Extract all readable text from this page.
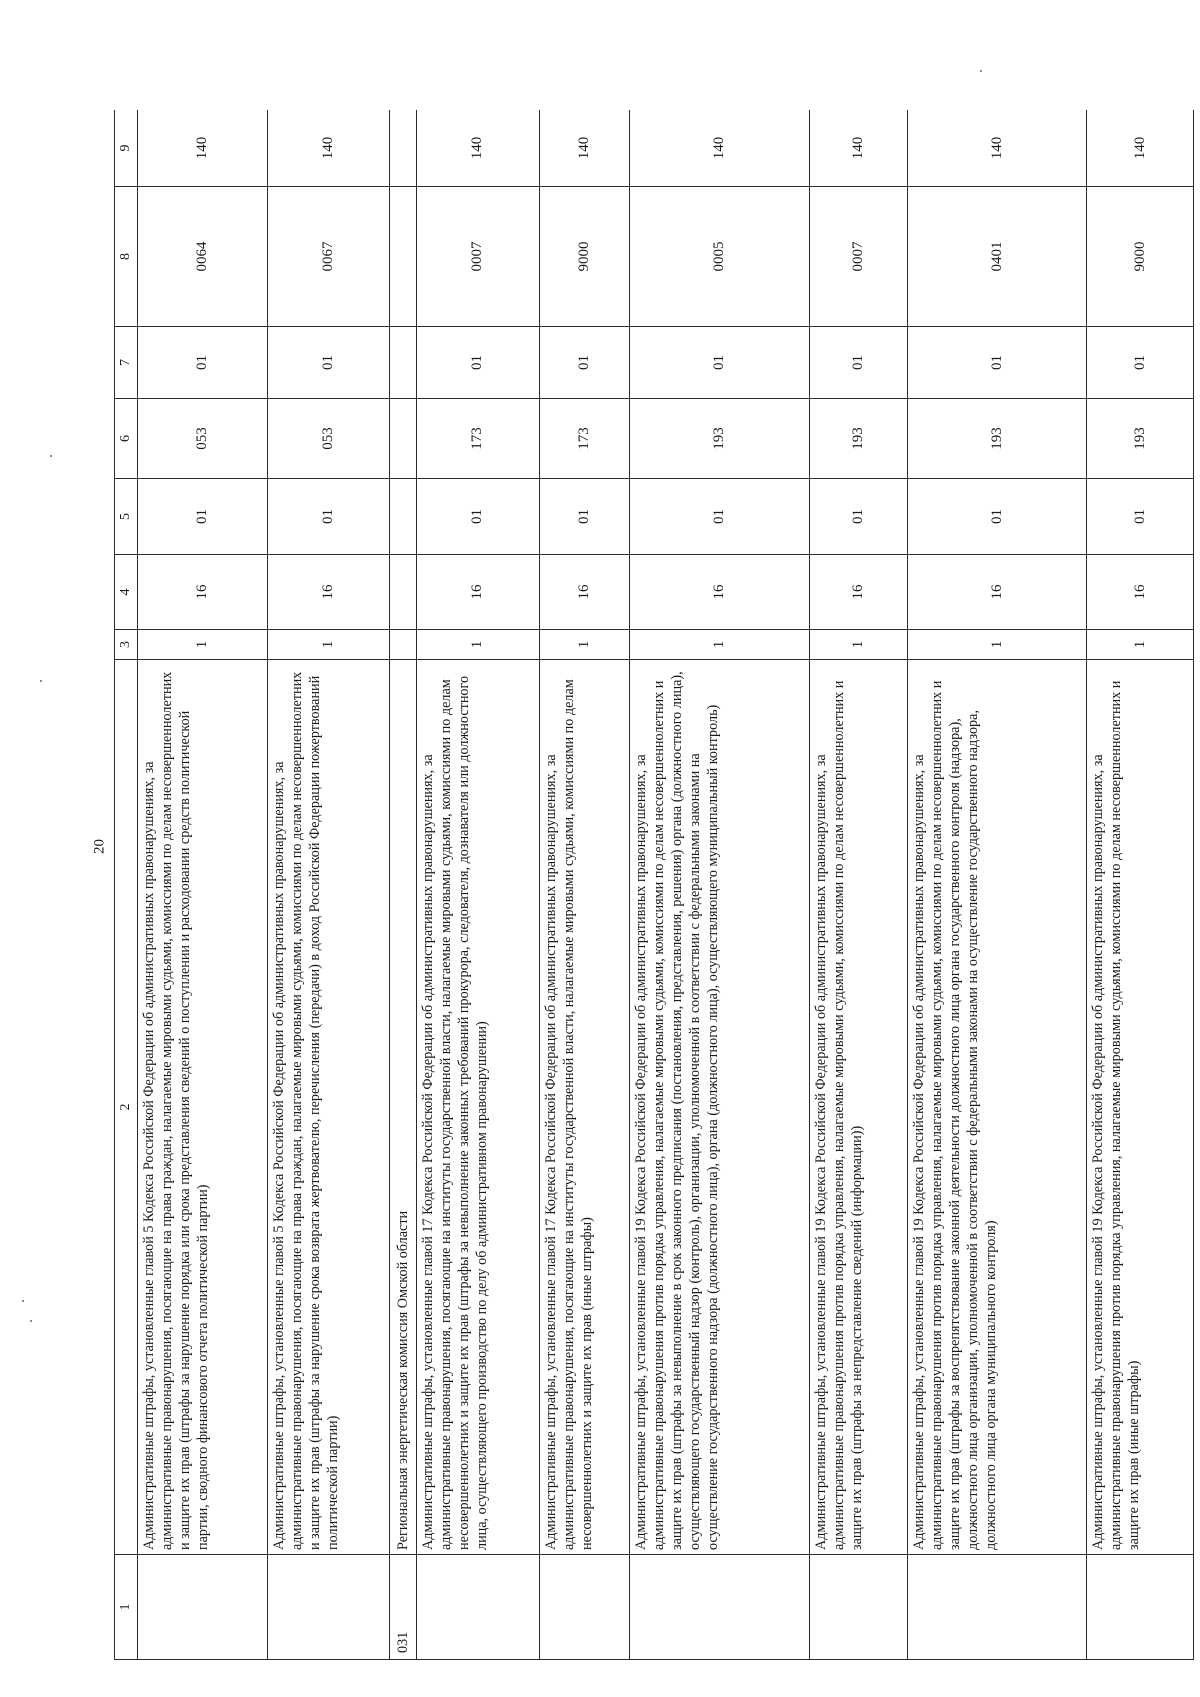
20
1	2	3	4	5	6	7	8	9
	Административные штрафы, установленные главой 5 Кодекса Российской Федерации об административных правонарушениях, за административные правонарушения, посягающие на права граждан, налагаемые мировыми судьями, комиссиями по делам несовершеннолетних и защите их прав (штрафы за нарушение порядка или срока представления сведений о поступлении и расходовании средств политической партии, сводного финансового отчета политической партии)	1	16	01	053	01	0064	140
	Административные штрафы, установленные главой 5 Кодекса Российской Федерации об административных правонарушениях, за административные правонарушения, посягающие на права граждан, налагаемые мировыми судьями, комиссиями по делам несовершеннолетних и защите их прав (штрафы за нарушение срока возврата жертвователю, перечисления (передачи) в доход Российской Федерации пожертвований политической партии)	1	16	01	053	01	0067	140
031	Региональная энергетическая комиссия Омской области							
	Административные штрафы, установленные главой 17 Кодекса Российской Федерации об административных правонарушениях, за административные правонарушения, посягающие на институты государственной власти, налагаемые мировыми судьями, комиссиями по делам несовершеннолетних и защите их прав (штрафы за невыполнение законных требований прокурора, следователя, дознавателя или должностного лица, осуществляющего производство по делу об административном правонарушении)	1	16	01	173	01	0007	140
	Административные штрафы, установленные главой 17 Кодекса Российской Федерации об административных правонарушениях, за административные правонарушения, посягающие на институты государственной власти, налагаемые мировыми судьями, комиссиями по делам несовершеннолетних и защите их прав (иные штрафы)	1	16	01	173	01	9000	140
	Административные штрафы, установленные главой 19 Кодекса Российской Федерации об административных правонарушениях, за административные правонарушения против порядка управления, налагаемые мировыми судьями, комиссиями по делам несовершеннолетних и защите их прав (штрафы за невыполнение в срок законного предписания (постановления, представления, решения) органа (должностного лица), осуществляющего государственный надзор (контроль), организации, уполномоченной в соответствии с федеральными законами на осуществление государственного надзора (должностного лица), органа (должностного лица), осуществляющего муниципальный контроль)	1	16	01	193	01	0005	140
	Административные штрафы, установленные главой 19 Кодекса Российской Федерации об административных правонарушениях, за административные правонарушения против порядка управления, налагаемые мировыми судьями, комиссиями по делам несовершеннолетних и защите их прав (штрафы за непредставление сведений (информации))	1	16	01	193	01	0007	140
	Административные штрафы, установленные главой 19 Кодекса Российской Федерации об административных правонарушениях, за административные правонарушения против порядка управления, налагаемые мировыми судьями, комиссиями по делам несовершеннолетних и защите их прав (штрафы за воспрепятствование законной деятельности должностного лица органа государственного контроля (надзора), должностного лица организации, уполномоченной в соответствии с федеральными законами на осуществление государственного надзора, должностного лица органа муниципального контроля)	1	16	01	193	01	0401	140
	Административные штрафы, установленные главой 19 Кодекса Российской Федерации об административных правонарушениях, за административные правонарушения против порядка управления, налагаемые мировыми судьями, комиссиями по делам несовершеннолетних и защите их прав (иные штрафы)	1	16	01	193	01	9000	140
